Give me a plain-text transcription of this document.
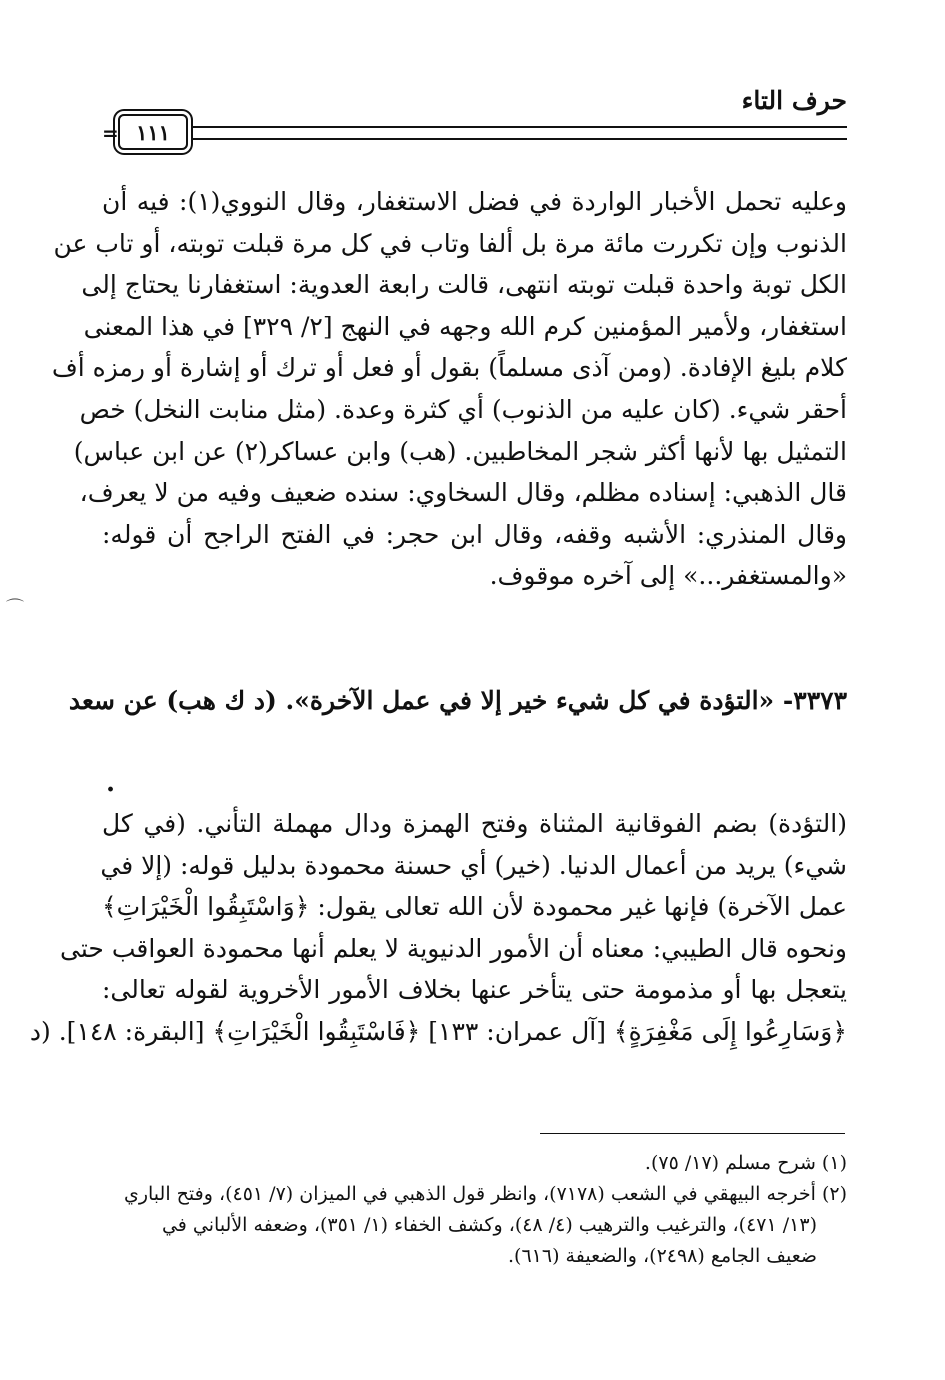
حرف التاء
١١١
=
وعليه تحمل الأخبار الواردة في فضل الاستغفار، وقال النووي(١): فيه أن
الذنوب وإن تكررت مائة مرة بل ألفا وتاب في كل مرة قبلت توبته، أو تاب عن
الكل توبة واحدة قبلت توبته انتهى، قالت رابعة العدوية: استغفارنا يحتاج إلى
استغفار، ولأمير المؤمنين كرم الله وجهه في النهج [٢/ ٣٢٩] في هذا المعنى
كلام بليغ الإفادة. (ومن آذى مسلماً) بقول أو فعل أو ترك أو إشارة أو رمزه أف
أحقر شيء. (كان عليه من الذنوب) أي كثرة وعدة. (مثل منابت النخل) خص
التمثيل بها لأنها أكثر شجر المخاطبين. (هب) وابن عساكر(٢) عن ابن عباس)
قال الذهبي: إسناده مظلم، وقال السخاوي: سنده ضعيف وفيه من لا يعرف،
وقال المنذري: الأشبه وقفه، وقال ابن حجر: في الفتح الراجح أن قوله:
«والمستغفر...» إلى آخره موقوف.
٣٣٧٣- «التؤدة في كل شيء خير إلا في عمل الآخرة». (د ك هب) عن سعد
.
(التؤدة) بضم الفوقانية المثناة وفتح الهمزة ودال مهملة التأني. (في كل
شيء) يريد من أعمال الدنيا. (خير) أي حسنة محمودة بدليل قوله: (إلا في
عمل الآخرة) فإنها غير محمودة لأن الله تعالى يقول: ﴿وَاسْتَبِقُوا الْخَيْرَاتِ﴾
ونحوه قال الطيبي: معناه أن الأمور الدنيوية لا يعلم أنها محمودة العواقب حتى
يتعجل بها أو مذمومة حتى يتأخر عنها بخلاف الأمور الأخروية لقوله تعالى:
﴿وَسَارِعُوا إِلَى مَغْفِرَةٍ﴾ [آل عمران: ١٣٣] ﴿فَاسْتَبِقُوا الْخَيْرَاتِ﴾ [البقرة: ١٤٨]. (د
(١) شرح مسلم (١٧/ ٧٥).
(٢) أخرجه البيهقي في الشعب (٧١٧٨)، وانظر قول الذهبي في الميزان (٧/ ٤٥١)، وفتح الباري
(١٣/ ٤٧١)، والترغيب والترهيب (٤/ ٤٨)، وكشف الخفاء (١/ ٣٥١)، وضعفه الألباني في
ضعيف الجامع (٢٤٩٨)، والضعيفة (٦١٦).
⌒
